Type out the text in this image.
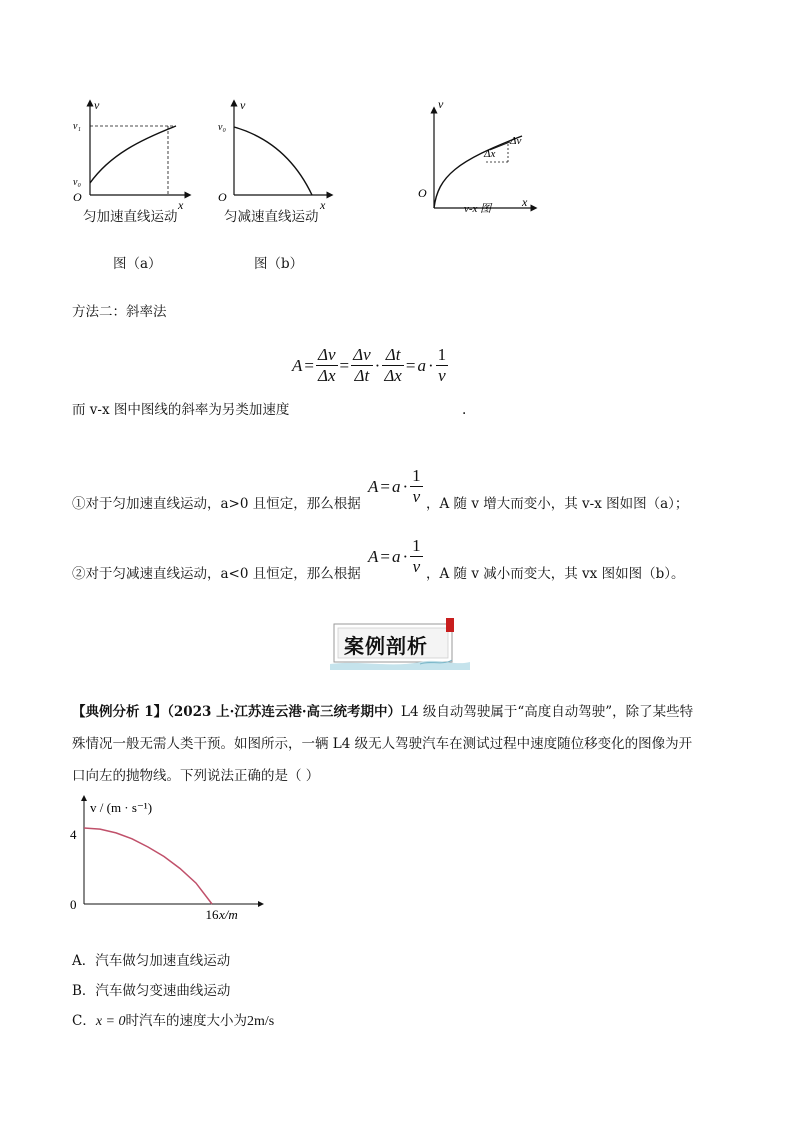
v
v₁
v₀
O
x
匀加速直线运动
图（a）
v
v₀
O
x
匀减速直线运动
图（b）
v
O
x
Δx
Δv
v-x 图
方法二：斜率法
$A = \frac{\Delta v}{\Delta x} = \frac{\Delta v}{\Delta t} \cdot \frac{\Delta t}{\Delta x} = a \cdot \frac{1}{v}$
而 v-x 图中图线的斜率为另类加速度	.
$A = a \cdot \frac{1}{v}$
①对于匀加速直线运动，a>0 且恒定，那么根据	，A 随 v 增大而变小，其 v-x 图如图（a）；
$A = a \cdot \frac{1}{v}$
②对于匀减速直线运动，a<0 且恒定，那么根据	，A 随 v 减小而变大，其 vx 图如图（b）。
案例剖析
【典例分析 1】（2023 上·江苏连云港·高三统考期中）L4 级自动驾驶属于“高度自动驾驶”，除了某些特
殊情况一般无需人类干预。如图所示，一辆 L4 级无人驾驶汽车在测试过程中速度随位移变化的图像为开
口向左的抛物线。下列说法正确的是（ ）
v / (m · s⁻¹)
4
0
16 x/m
A．汽车做匀加速直线运动
B．汽车做匀变速曲线运动
C．x = 0时汽车的速度大小为2m/s
